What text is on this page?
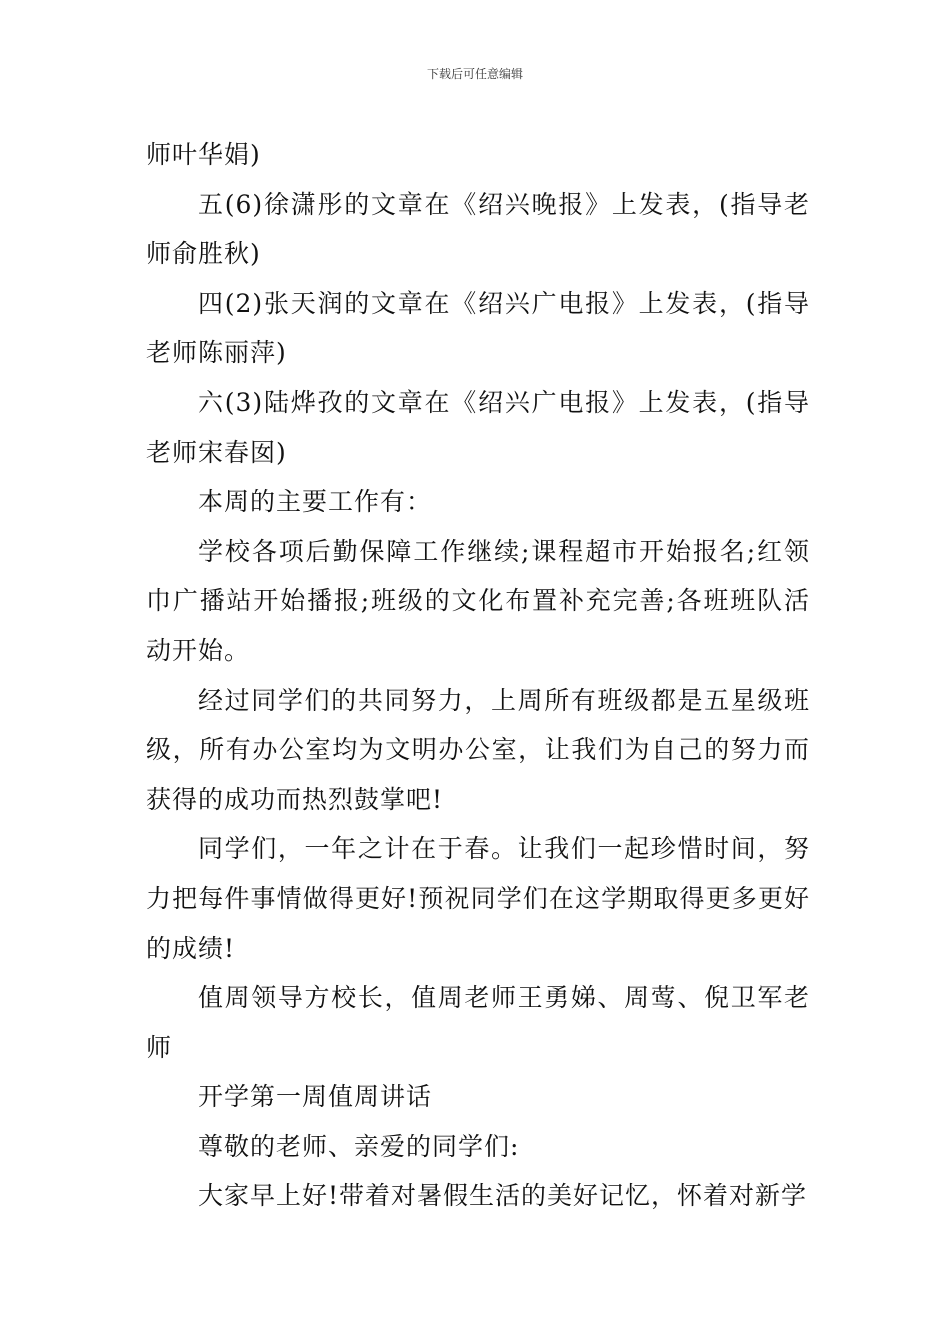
下载后可任意编辑

师叶华娟)

五(6)徐潇彤的文章在《绍兴晚报》上发表，(指导老师俞胜秋)

四(2)张天润的文章在《绍兴广电报》上发表，(指导老师陈丽萍)

六(3)陆烨孜的文章在《绍兴广电报》上发表，(指导老师宋春囡)

本周的主要工作有：

学校各项后勤保障工作继续;课程超市开始报名;红领巾广播站开始播报;班级的文化布置补充完善;各班班队活动开始。

经过同学们的共同努力，上周所有班级都是五星级班级，所有办公室均为文明办公室，让我们为自己的努力而获得的成功而热烈鼓掌吧!

同学们，一年之计在于春。让我们一起珍惜时间，努力把每件事情做得更好!预祝同学们在这学期取得更多更好的成绩!

值周领导方校长，值周老师王勇娣、周莺、倪卫军老师

开学第一周值周讲话

尊敬的老师、亲爱的同学们:

大家早上好!带着对暑假生活的美好记忆，怀着对新学
